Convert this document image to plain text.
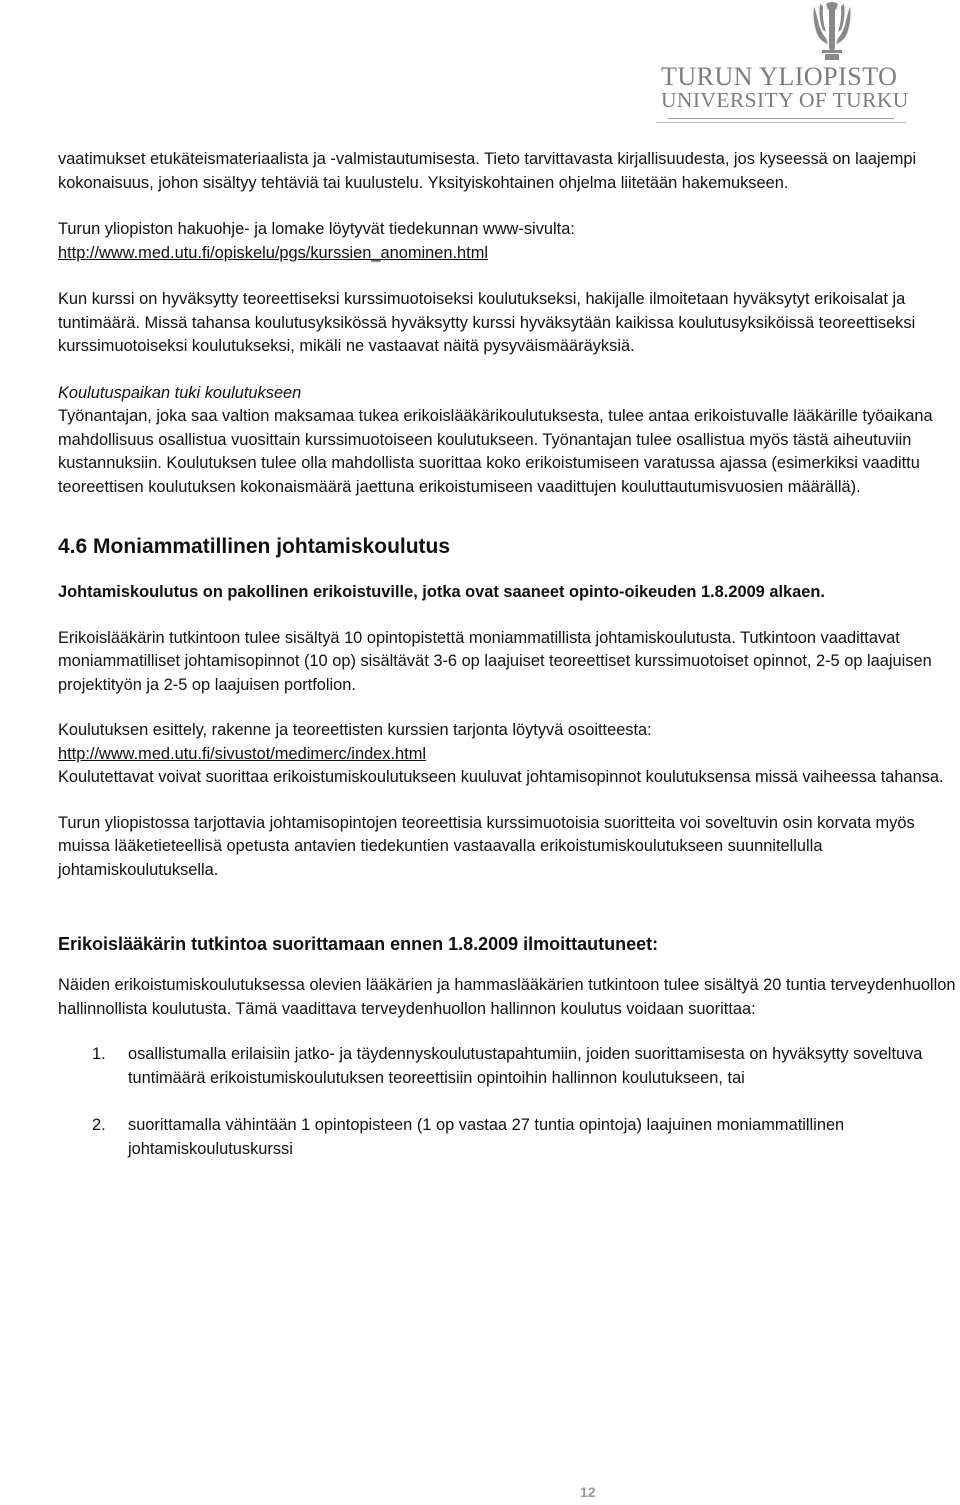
TURUN YLIOPISTO
UNIVERSITY OF TURKU

vaatimukset etukäteismateriaalista ja -valmistautumisesta. Tieto tarvittavasta kirjallisuudesta, jos kyseessä on laajempi kokonaisuus, johon sisältyy tehtäviä tai kuulustelu. Yksityiskohtainen ohjelma liitetään hakemukseen.

Turun yliopiston hakuohje- ja lomake löytyvät tiedekunnan www-sivulta:
http://www.med.utu.fi/opiskelu/pgs/kurssien_anominen.html

Kun kurssi on hyväksytty teoreettiseksi kurssimuotoiseksi koulutukseksi, hakijalle ilmoitetaan hyväksytyt erikoisalat ja tuntimäärä. Missä tahansa koulutusyksikössä hyväksytty kurssi hyväksytään kaikissa koulutusyksiköissä teoreettiseksi kurssimuotoiseksi koulutukseksi, mikäli ne vastaavat näitä pysyväismääräyksiä.

Koulutuspaikan tuki koulutukseen

Työnantajan, joka saa valtion maksamaa tukea erikoislääkärikoulutuksesta, tulee antaa erikoistuvalle lääkärille työaikana mahdollisuus osallistua vuosittain kurssimuotoiseen koulutukseen. Työnantajan tulee osallistua myös tästä aiheutuviin kustannuksiin. Koulutuksen tulee olla mahdollista suorittaa koko erikoistumiseen varatussa ajassa (esimerkiksi vaadittu teoreettisen koulutuksen kokonaismäärä jaettuna erikoistumiseen vaadittujen kouluttautumisvuosien määrällä).

4.6 Moniammatillinen johtamiskoulutus

Johtamiskoulutus on pakollinen erikoistuville, jotka ovat saaneet opinto-oikeuden 1.8.2009 alkaen.

Erikoislääkärin tutkintoon tulee sisältyä 10 opintopistettä moniammatillista johtamiskoulutusta. Tutkintoon vaadittavat moniammatilliset johtamisopinnot (10 op) sisältävät 3-6 op laajuiset teoreettiset kurssimuotoiset opinnot, 2-5 op laajuisen projektityön ja 2-5 op laajuisen portfolion.

Koulutuksen esittely, rakenne ja teoreettisten kurssien tarjonta löytyvä osoitteesta:
http://www.med.utu.fi/sivustot/medimerc/index.html
Koulutettavat voivat suorittaa erikoistumiskoulutukseen kuuluvat johtamisopinnot koulutuksensa missä vaiheessa tahansa.

Turun yliopistossa tarjottavia johtamisopintojen teoreettisia kurssimuotoisia suoritteita voi soveltuvin osin korvata myös muissa lääketieteellisä opetusta antavien tiedekuntien vastaavalla erikoistumiskoulutukseen suunnitellulla johtamiskoulutuksella.

Erikoislääkärin tutkintoa suorittamaan ennen 1.8.2009 ilmoittautuneet:

Näiden erikoistumiskoulutuksessa olevien lääkärien ja hammaslääkärien tutkintoon tulee sisältyä 20 tuntia terveydenhuollon hallinnollista koulutusta. Tämä vaadittava terveydenhuollon hallinnon koulutus voidaan suorittaa:

1. osallistumalla erilaisiin jatko- ja täydennyskoulutustapahtumiin, joiden suorittamisesta on hyväksytty soveltuva tuntimäärä erikoistumiskoulutuksen teoreettisiin opintoihin hallinnon koulutukseen, tai
2. suorittamalla vähintään 1 opintopisteen (1 op vastaa 27 tuntia opintoja) laajuinen moniammatillinen johtamiskoulutuskurssi
12
